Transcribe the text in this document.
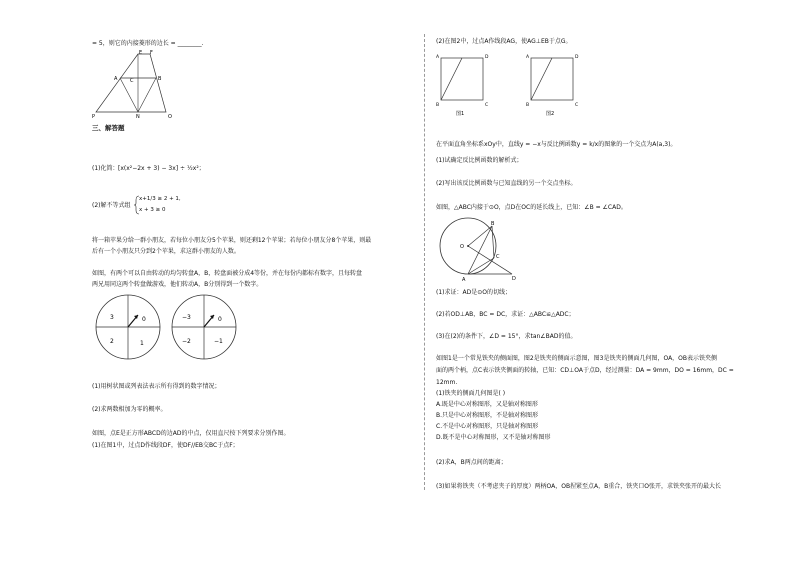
= 5，则它的内接菱形的边长 = ________.
E F
A	B
C
P	N	O
三、解答题
(1)化简： [x(x²−2x + 3) − 3x] ÷ ½x²；
(2)解不等式组
x+1/3 ≥ 2 + 1,
x + 3 ≥ 0
将一箱苹果分给一群小朋友，若每位小朋友分5个苹果，则还剩12个苹果；若每位小朋友分8个苹果，则最
后有一个小朋友只分到2个苹果，求这群小朋友的人数。
如图，有两个可以自由转动的均匀转盘A，B，转盘面被分成4等份，并在每份内都标有数字，且每转盘
两兄用同这两个转盘做游戏，他们转动A，B分别得到一个数字。
3	0
2	1
−3	0
−2	−1
(1)用树状图或列表法表示所有得到的数字情况；
(2)求两数相加为零的概率。
如图，点E是正方形ABCD的边AD的中点，仅用直尺按下列要求分别作图。
(1)在图1中，过点D作线段DF，使DF//EB交BC于点F；
(2)在图2中，过点A作线段AG，使AG⊥EB于点G。
A	D
B	C
图1
A	D
B	C
图2
在平面直角坐标系xOy中，直线y = −x与反比例函数y = k/x的图象的一个交点为A(a,3)。
(1)试确定反比例函数的解析式；
(2)写出该反比例函数与已知直线的另一个交点坐标。
如图，△ABC内接于⊙O，点D在OC的延长线上，已知：∠B = ∠CAD。
B
O
C
A	D
(1)求证：AD是⊙O的切线；
(2)若OD⊥AB，BC = DC，求证：△ABC≌△ADC；
(3)在(2)的条件下，∠D = 15°，求tan∠BAD的值。
如图1是一个常见铁夹的侧面图，图2是铁夹的侧面示意图，图3是铁夹的侧面几何图，OA，OB表示铁夹侧
面的两个柄，点C表示铁夹侧面的转轴，已知：CD⊥OA于点D，经过测量：DA = 9mm，DO = 16mm，DC =
12mm.
(1)铁夹的侧面几何图是( )
A.既是中心对称图形，又是轴对称图形
B.只是中心对称图形，不是轴对称图形
C.不是中心对称图形，只是轴对称图形
D.既不是中心对称图形，又不是轴对称图形
(2)求A，B两点间的距离；
(3)如果将铁夹（不考虑夹子的厚度）两柄OA，OB捏紧至点A，B重合，铁夹口O张开，求铁夹张开的最大长
